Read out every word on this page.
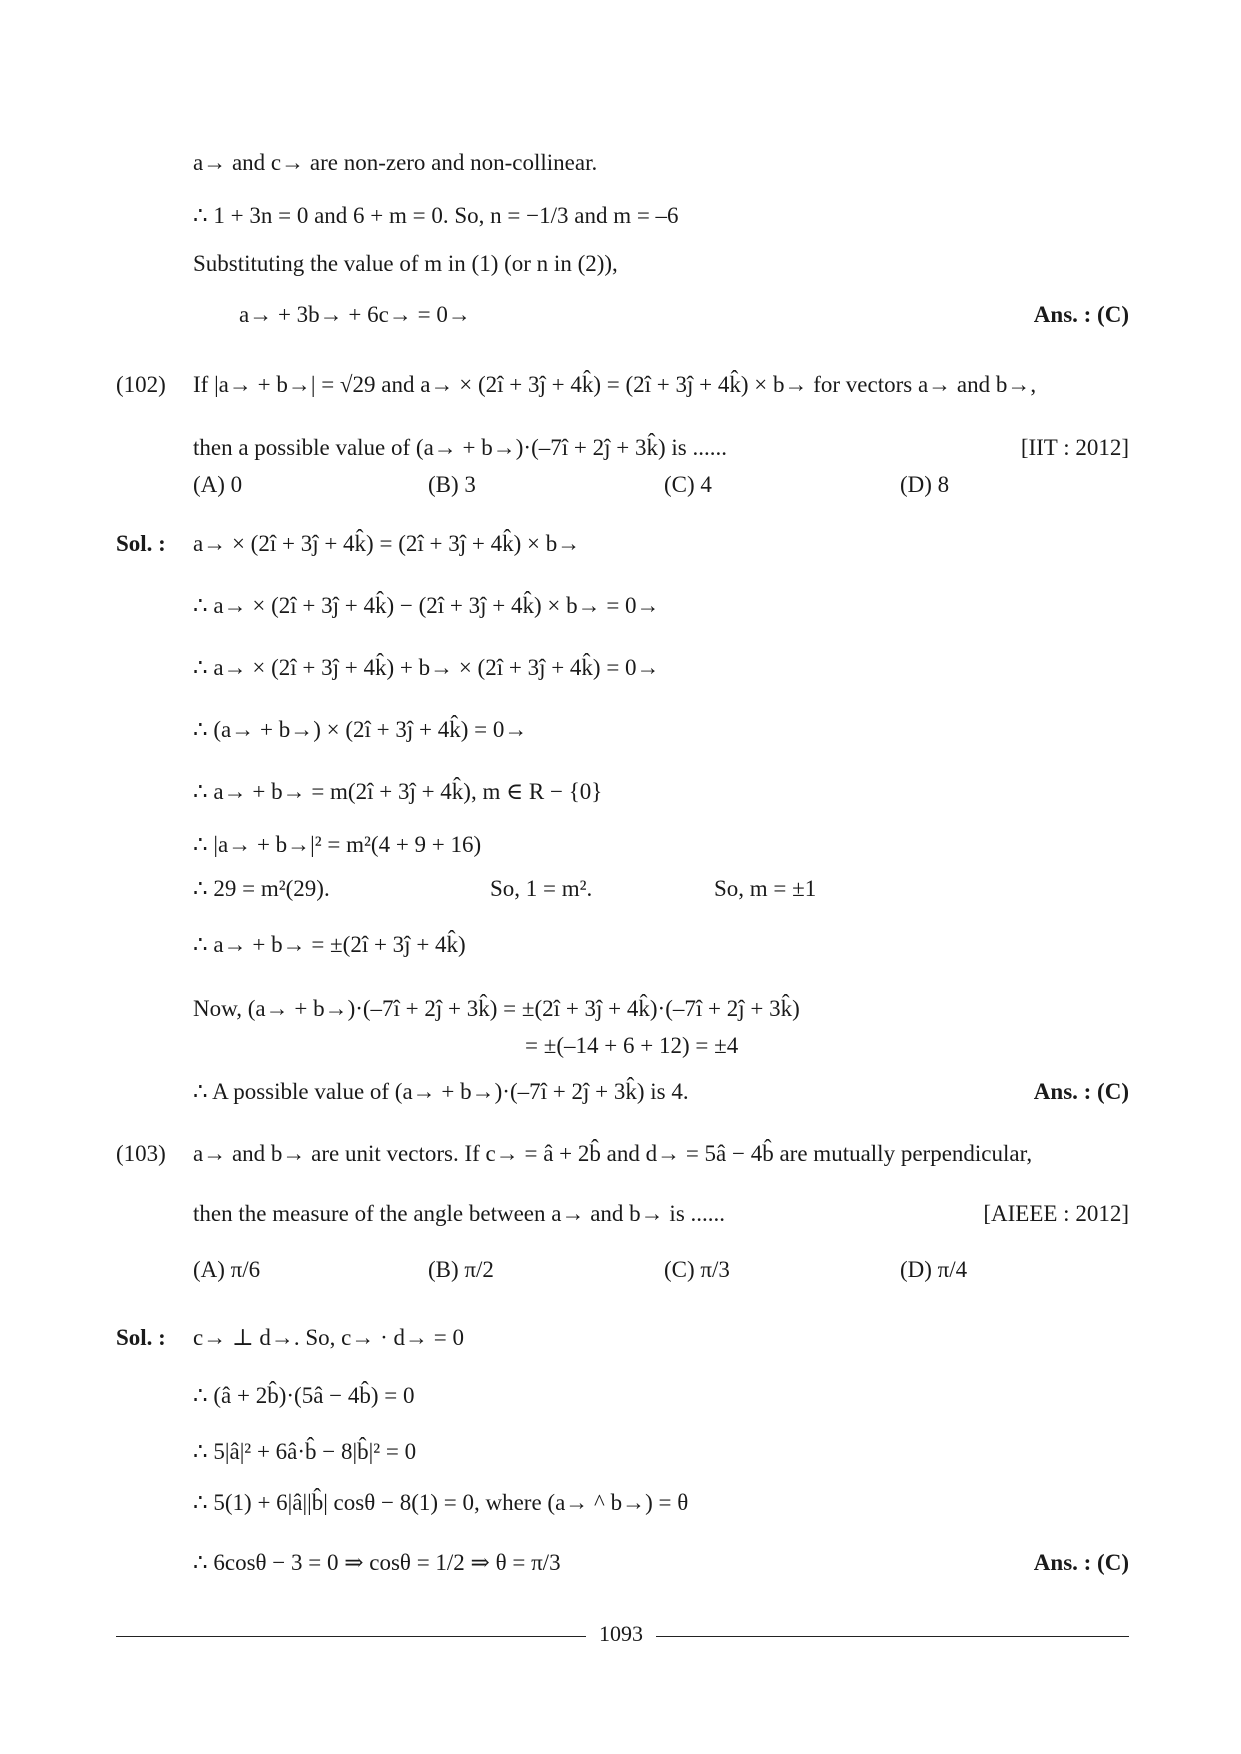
a→ and c→ are non-zero and non-collinear.
∴ 1 + 3n = 0 and 6 + m = 0. So, n = −1/3 and m = –6
Substituting the value of m in (1) (or n in (2)),
a→ + 3b→ + 6c→ = 0→	Ans. : (C)
(102) If |a→ + b→| = √29 and a→ × (2î + 3ĵ + 4k̂) = (2î + 3ĵ + 4k̂) × b→ for vectors a→ and b→,
then a possible value of (a→ + b→)·(–7î + 2ĵ + 3k̂) is ......	[IIT : 2012]
(A) 0	(B) 3	(C) 4	(D) 8
Sol. : a→ × (2î + 3ĵ + 4k̂) = (2î + 3ĵ + 4k̂) × b→
∴ a→ × (2î + 3ĵ + 4k̂) − (2î + 3ĵ + 4k̂) × b→ = 0→
∴ a→ × (2î + 3ĵ + 4k̂) + b→ × (2î + 3ĵ + 4k̂) = 0→
∴ (a→ + b→) × (2î + 3ĵ + 4k̂) = 0→
∴ a→ + b→ = m(2î + 3ĵ + 4k̂), m ∈ R − {0}
∴ |a→ + b→|² = m²(4 + 9 + 16)
∴ 29 = m²(29).	So, 1 = m².	So, m = ±1
∴ a→ + b→ = ±(2î + 3ĵ + 4k̂)
Now, (a→ + b→)·(–7î + 2ĵ + 3k̂) = ±(2î + 3ĵ + 4k̂)·(–7î + 2ĵ + 3k̂)
= ±(–14 + 6 + 12) = ±4
∴ A possible value of (a→ + b→)·(–7î + 2ĵ + 3k̂) is 4.	Ans. : (C)
(103) a→ and b→ are unit vectors. If c→ = â + 2b̂ and d→ = 5â − 4b̂ are mutually perpendicular,
then the measure of the angle between a→ and b→ is ......	[AIEEE : 2012]
(A) π/6	(B) π/2	(C) π/3	(D) π/4
Sol. : c→ ⊥ d→. So, c→ · d→ = 0
∴ (â + 2b̂)·(5â − 4b̂) = 0
∴ 5|â|² + 6â·b̂ − 8|b̂|² = 0
∴ 5(1) + 6|â||b̂| cosθ − 8(1) = 0, where (a→ ^ b→) = θ
∴ 6cosθ − 3 = 0 ⇒ cosθ = 1/2 ⇒ θ = π/3	Ans. : (C)
1093
